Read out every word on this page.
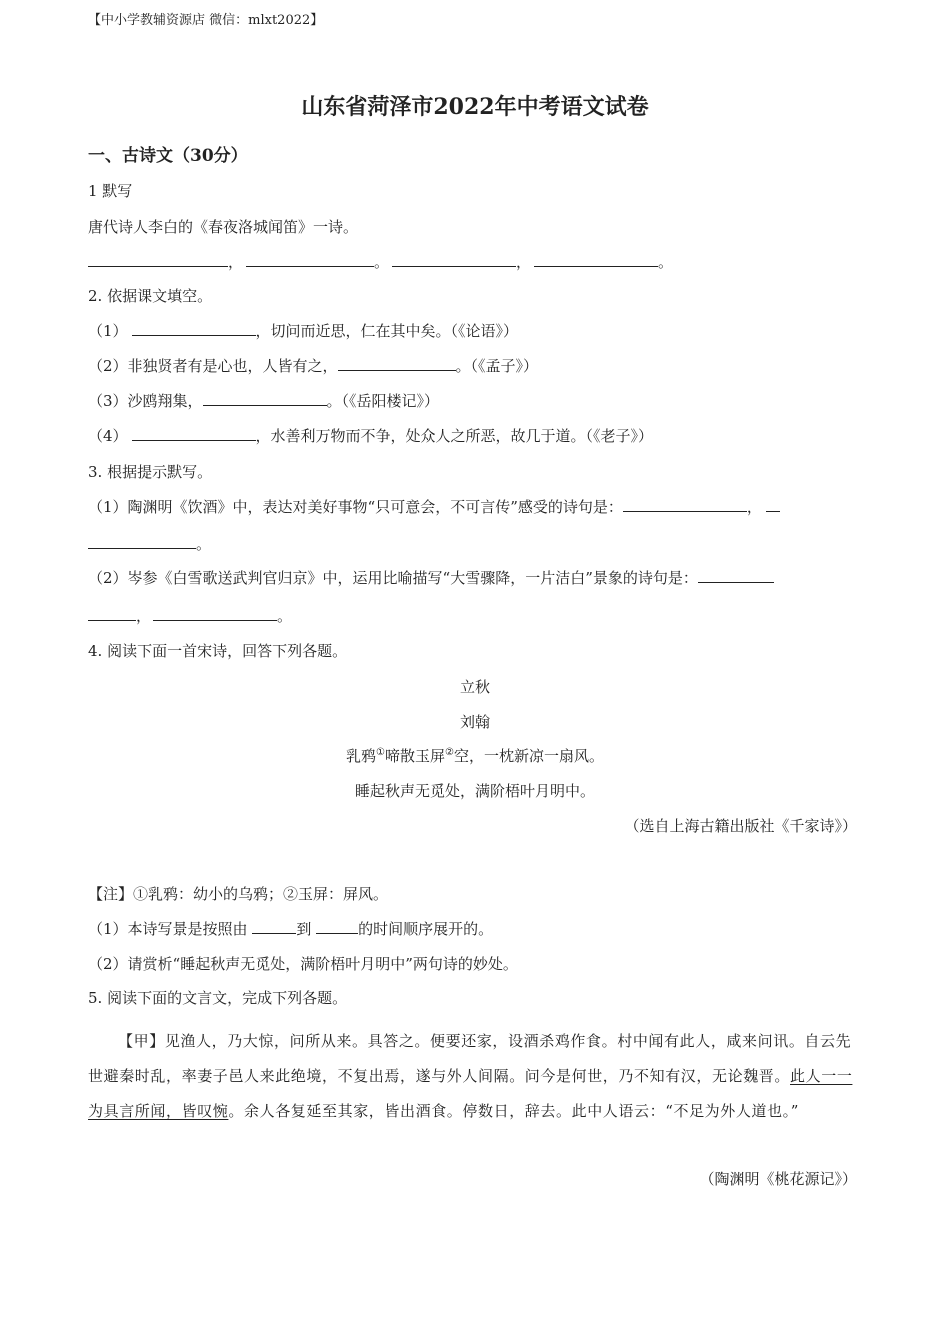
【中小学教辅资源店 微信：mlxt2022】
山东省菏泽市2022年中考语文试卷
一、古诗文（30分）
1 默写
唐代诗人李白的《春夜洛城闻笛》一诗。
，	。	，	。
2. 依据课文填空。
（1）	，切问而近思，仁在其中矣。（《论语》）
（2）非独贤者有是心也，人皆有之，	。（《孟子》）
（3）沙鸥翔集，	。（《岳阳楼记》）
（4）	，水善利万物而不争，处众人之所恶，故几于道。（《老子》）
3. 根据提示默写。
（1）陶渊明《饮酒》中，表达对美好事物“只可意会，不可言传”感受的诗句是：	，
。
（2）岑参《白雪歌送武判官归京》中，运用比喻描写“大雪骤降，一片洁白”景象的诗句是：
，	。
4. 阅读下面一首宋诗，回答下列各题。
立秋
刘翰
乳鸦①啼散玉屏②空，一枕新凉一扇风。
睡起秋声无觅处，满阶梧叶月明中。
（选自上海古籍出版社《千家诗》）
【注】①乳鸦：幼小的乌鸦；②玉屏：屏风。
（1）本诗写景是按照由	到	的时间顺序展开的。
（2）请赏析“睡起秋声无觅处，满阶梧叶月明中”两句诗的妙处。
5. 阅读下面的文言文，完成下列各题。
【甲】见渔人，乃大惊，问所从来。具答之。便要还家，设酒杀鸡作食。村中闻有此人，咸来问讯。自云先世避秦时乱，率妻子邑人来此绝境，不复出焉，遂与外人间隔。问今是何世，乃不知有汉，无论魏晋。此人一一为具言所闻，皆叹惋。余人各复延至其家，皆出酒食。停数日，辞去。此中人语云：“不足为外人道也。”
（陶渊明《桃花源记》）
